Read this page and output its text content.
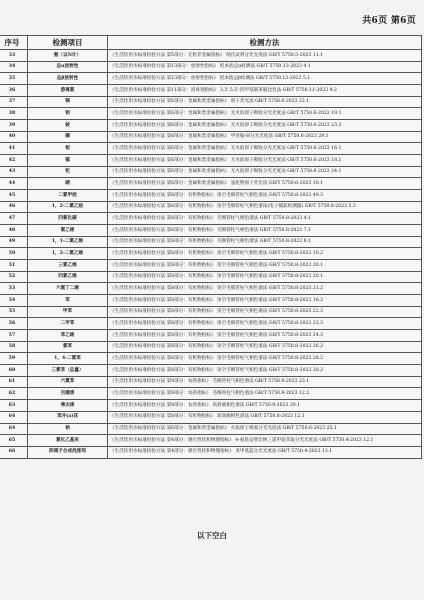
共6页 第6页
序号	检测项目	检测方法
33	氨（以N计）	《生活饮用水标准检验方法 第5部分：无机非金属指标》 纳氏试剂分光光度法 GB/T 5750.5-2023 11.1
34	总α放射性	《生活饮用水标准检验方法 第13部分：放射性指标》 低本底总α检测法 GB/T 5750.13-2023 4.1
35	总β放射性	《生活饮用水标准检验方法 第13部分：放射性指标》 低本底总β检测法 GB/T 5750.13-2023 5.1
36	游离氯	《生活饮用水标准检验方法 第11部分：消毒剂指标》 3,3',5,5'-四甲基联苯胺比色法 GB/T 5750.11-2023 4.2
37	锑	《生活饮用水标准检验方法 第6部分：金属和类金属指标》 原子荧光法 GB/T 5750.6-2023 22.1
38	钡	《生活饮用水标准检验方法 第6部分：金属和类金属指标》 无火焰原子吸收分光光度法 GB/T 5750.6-2023 19.1
39	铍	《生活饮用水标准检验方法 第6部分：金属和类金属指标》 无火焰原子吸收分光光度法 GB/T 5750.6-2023 23.2
40	硼	《生活饮用水标准检验方法 第6部分：金属和类金属指标》 甲亚胺-H分光光度法 GB/T 5750.6-2023 29.1
41	钼	《生活饮用水标准检验方法 第6部分：金属和类金属指标》 无火焰原子吸收分光光度法 GB/T 5750.6-2023 16.1
42	镍	《生活饮用水标准检验方法 第6部分：金属和类金属指标》 无火焰原子吸收分光光度法 GB/T 5750.6-2023 18.1
43	铊	《生活饮用水标准检验方法 第6部分：金属和类金属指标》 无火焰原子吸收分光光度法 GB/T 5750.6-2023 24.1
44	硒	《生活饮用水标准检验方法 第6部分：金属和类金属指标》 氢化物原子荧光法 GB/T 5750.6-2023 10.1
45	二氯甲烷	《生活饮用水标准检验方法 第8部分：有机物指标》 顶空毛细管柱气相色谱法 GB/T 5750.8-2023 49.3
46	1，2-二氯乙烷	《生活饮用水标准检验方法 第8部分：有机物指标》 顶空毛细管柱气相色谱法(电子捕获检测器) GB/T 5750.8-2023 5.3
47	四氯化碳	《生活饮用水标准检验方法 第8部分：有机物指标》 毛细管柱气相色谱法 GB/T 5750.8-2023 4.1
48	氯乙烯	《生活饮用水标准检验方法 第8部分：有机物指标》 毛细管柱气相色谱法 GB/T 5750.8-2023 7.1
49	1，1-二氯乙烯	《生活饮用水标准检验方法 第8部分：有机物指标》 毛细管柱气相色谱法 GB/T 5750.8-2023 8.1
50	1，2-二氯乙烯	《生活饮用水标准检验方法 第8部分：有机物指标》 顶空毛细管柱气相色谱法 GB/T 5750.8-2023 10.2
51	三氯乙烯	《生活饮用水标准检验方法 第8部分：有机物指标》 顶空毛细管柱气相色谱法 GB/T 5750.8-2023 20.1
52	四氯乙烯	《生活饮用水标准检验方法 第8部分：有机物指标》 顶空毛细管柱气相色谱法 GB/T 5750.8-2023 20.1
53	六氯丁二烯	《生活饮用水标准检验方法 第8部分：有机物指标》 顶空毛细管柱气相色谱法 GB/T 5750.8-2023 21.2
54	苯	《生活饮用水标准检验方法 第8部分：有机物指标》 顶空毛细管柱气相色谱法 GB/T 5750.8-2023 18.2
55	甲苯	《生活饮用水标准检验方法 第8部分：有机物指标》 顶空毛细管柱气相色谱法 GB/T 5750.8-2023 22.3
56	二甲苯	《生活饮用水标准检验方法 第8部分：有机物指标》 顶空毛细管柱气相色谱法 GB/T 5750.8-2023 23.3
57	苯乙烯	《生活饮用水标准检验方法 第8部分：有机物指标》 顶空毛细管柱气相色谱法 GB/T 5750.8-2023 24.3
58	氯苯	《生活饮用水标准检验方法 第8部分：有机物指标》 顶空毛细管柱气相色谱法 GB/T 5750.8-2023 26.2
59	1，4-二氯苯	《生活饮用水标准检验方法 第8部分：有机物指标》 顶空毛细管柱气相色谱法 GB/T 5750.8-2023 28.2
60	三氯苯（总量）	《生活饮用水标准检验方法 第8部分：有机物指标》 顶空毛细管柱气相色谱法 GB/T 5750.8-2023 30.2
61	六氯苯	《生活饮用水标准检验方法 第9部分：农药指标》 毛细管柱气相色谱法 GB/T 5750.9-2023 23.1
62	百菌清	《生活饮用水标准检验方法 第9部分：农药指标》 毛细管柱气相色谱法 GB/T 5750.9-2023 12.2
63	莠去津	《生活饮用水标准检验方法 第9部分：农药指标》 高效液相色谱法 GB/T 5750.9-2023 20.1
64	苯并(a)芘	《生活饮用水标准检验方法 第8部分：有机物指标》 高效液相色谱法 GB/T 5750.8-2023 12.1
64	钠	《生活饮用水标准检验方法 第6部分：金属和类金属指标》 火焰原子吸收分光光度法 GB/T 5750.6-2023 25.1
65	氯化乙基汞	《生活饮用水标准检验方法 第4部分：感官性状和物理指标》 4-氨基安替比林三氯甲烷萃取分光光度法 GB/T 5750.4-2023 12.1
66	阴离子合成洗涤剂	《生活饮用水标准检验方法 第4部分：感官性状和物理指标》 亚甲基蓝分光光度法 GB/T 5750.4-2023 13.1
以下空白
